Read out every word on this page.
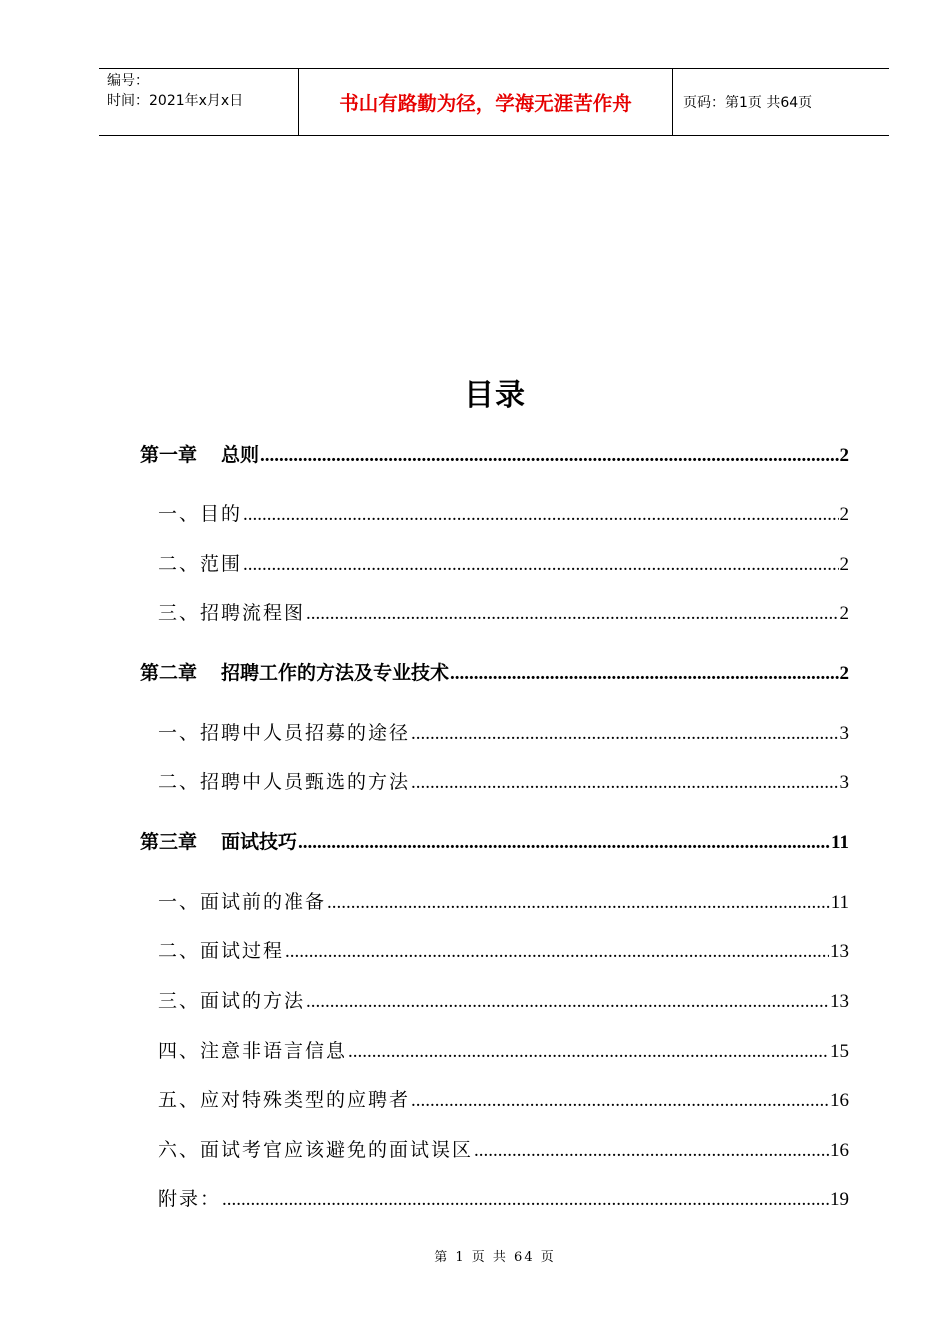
编号：
时间：2021年x月x日	书山有路勤为径，学海无涯苦作舟	页码：第1页 共64页
目录
第一章 总则 .....	2
一、目的 .....	2
二、范围 .....	2
三、招聘流程图 .....	2
第二章 招聘工作的方法及专业技术 .....	2
一、招聘中人员招募的途径 .....	3
二、招聘中人员甄选的方法 .....	3
第三章 面试技巧 .....	11
一、面试前的准备 .....	11
二、面试过程 .....	13
三、面试的方法 .....	13
四、注意非语言信息 .....	15
五、应对特殊类型的应聘者 .....	16
六、面试考官应该避免的面试误区 .....	16
附录： .....	19
第 1 页 共 64 页
